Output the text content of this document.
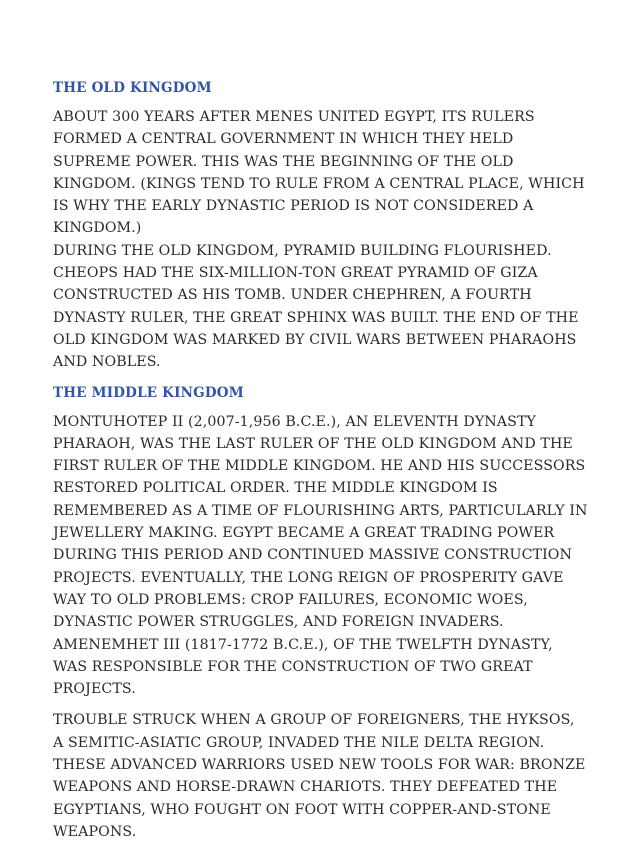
THE OLD KINGDOM

ABOUT 300 YEARS AFTER MENES UNITED EGYPT, ITS RULERS FORMED A CENTRAL GOVERNMENT IN WHICH THEY HELD SUPREME POWER. THIS WAS THE BEGINNING OF THE OLD KINGDOM. (KINGS TEND TO RULE FROM A CENTRAL PLACE, WHICH IS WHY THE EARLY DYNASTIC PERIOD IS NOT CONSIDERED A KINGDOM.)

DURING THE OLD KINGDOM, PYRAMID BUILDING FLOURISHED. CHEOPS HAD THE SIX-MILLION-TON GREAT PYRAMID OF GIZA CONSTRUCTED AS HIS TOMB. UNDER CHEPHREN, A FOURTH DYNASTY RULER, THE GREAT SPHINX WAS BUILT. THE END OF THE OLD KINGDOM WAS MARKED BY CIVIL WARS BETWEEN PHARAOHS AND NOBLES.

THE MIDDLE KINGDOM

MONTUHOTEP II (2,007-1,956 B.C.E.), AN ELEVENTH DYNASTY PHARAOH, WAS THE LAST RULER OF THE OLD KINGDOM AND THE FIRST RULER OF THE MIDDLE KINGDOM. HE AND HIS SUCCESSORS RESTORED POLITICAL ORDER. THE MIDDLE KINGDOM IS REMEMBERED AS A TIME OF FLOURISHING ARTS, PARTICULARLY IN JEWELLERY MAKING. EGYPT BECAME A GREAT TRADING POWER DURING THIS PERIOD AND CONTINUED MASSIVE CONSTRUCTION PROJECTS. EVENTUALLY, THE LONG REIGN OF PROSPERITY GAVE WAY TO OLD PROBLEMS: CROP FAILURES, ECONOMIC WOES, DYNASTIC POWER STRUGGLES, AND FOREIGN INVADERS. AMENEMHET III (1817-1772 B.C.E.), OF THE TWELFTH DYNASTY, WAS RESPONSIBLE FOR THE CONSTRUCTION OF TWO GREAT PROJECTS.

TROUBLE STRUCK WHEN A GROUP OF FOREIGNERS, THE HYKSOS, A SEMITIC-ASIATIC GROUP, INVADED THE NILE DELTA REGION. THESE ADVANCED WARRIORS USED NEW TOOLS FOR WAR: BRONZE WEAPONS AND HORSE-DRAWN CHARIOTS. THEY DEFEATED THE EGYPTIANS, WHO FOUGHT ON FOOT WITH COPPER-AND-STONE WEAPONS.
